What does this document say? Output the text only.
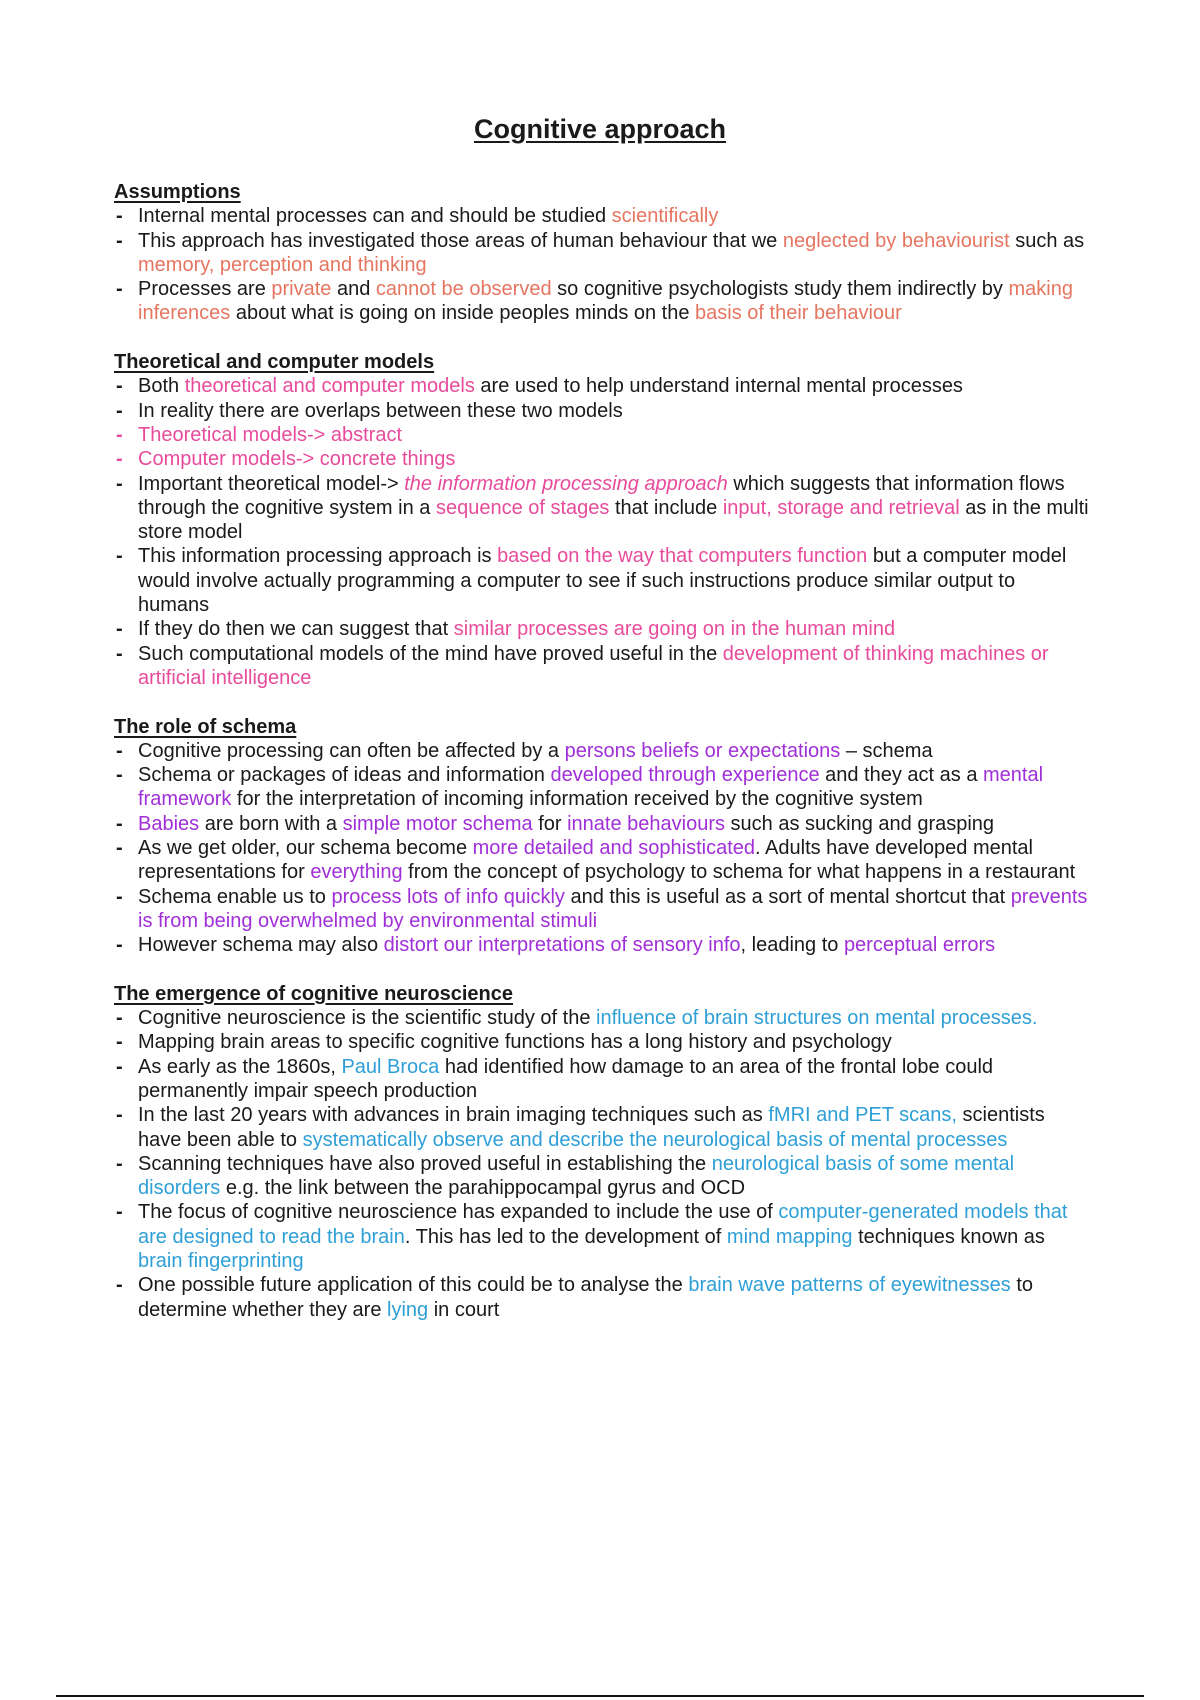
Cognitive approach
Assumptions
- Internal mental processes can and should be studied scientifically
- This approach has investigated those areas of human behaviour that we neglected by behaviourist such as memory, perception and thinking
- Processes are private and cannot be observed so cognitive psychologists study them indirectly by making inferences about what is going on inside peoples minds on the basis of their behaviour
Theoretical and computer models
- Both theoretical and computer models are used to help understand internal mental processes
- In reality there are overlaps between these two models
- Theoretical models-> abstract
- Computer models-> concrete things
- Important theoretical model-> the information processing approach which suggests that information flows through the cognitive system in a sequence of stages that include input, storage and retrieval as in the multi store model
- This information processing approach is based on the way that computers function but a computer model would involve actually programming a computer to see if such instructions produce similar output to humans
- If they do then we can suggest that similar processes are going on in the human mind
- Such computational models of the mind have proved useful in the development of thinking machines or artificial intelligence
The role of schema
- Cognitive processing can often be affected by a persons beliefs or expectations – schema
- Schema or packages of ideas and information developed through experience and they act as a mental framework for the interpretation of incoming information received by the cognitive system
- Babies are born with a simple motor schema for innate behaviours such as sucking and grasping
- As we get older, our schema become more detailed and sophisticated. Adults have developed mental representations for everything from the concept of psychology to schema for what happens in a restaurant
- Schema enable us to process lots of info quickly and this is useful as a sort of mental shortcut that prevents is from being overwhelmed by environmental stimuli
- However schema may also distort our interpretations of sensory info, leading to perceptual errors
The emergence of cognitive neuroscience
- Cognitive neuroscience is the scientific study of the influence of brain structures on mental processes.
- Mapping brain areas to specific cognitive functions has a long history and psychology
- As early as the 1860s, Paul Broca had identified how damage to an area of the frontal lobe could permanently impair speech production
- In the last 20 years with advances in brain imaging techniques such as fMRI and PET scans, scientists have been able to systematically observe and describe the neurological basis of mental processes
- Scanning techniques have also proved useful in establishing the neurological basis of some mental disorders e.g. the link between the parahippocampal gyrus and OCD
- The focus of cognitive neuroscience has expanded to include the use of computer-generated models that are designed to read the brain. This has led to the development of mind mapping techniques known as brain fingerprinting
- One possible future application of this could be to analyse the brain wave patterns of eyewitnesses to determine whether they are lying in court
